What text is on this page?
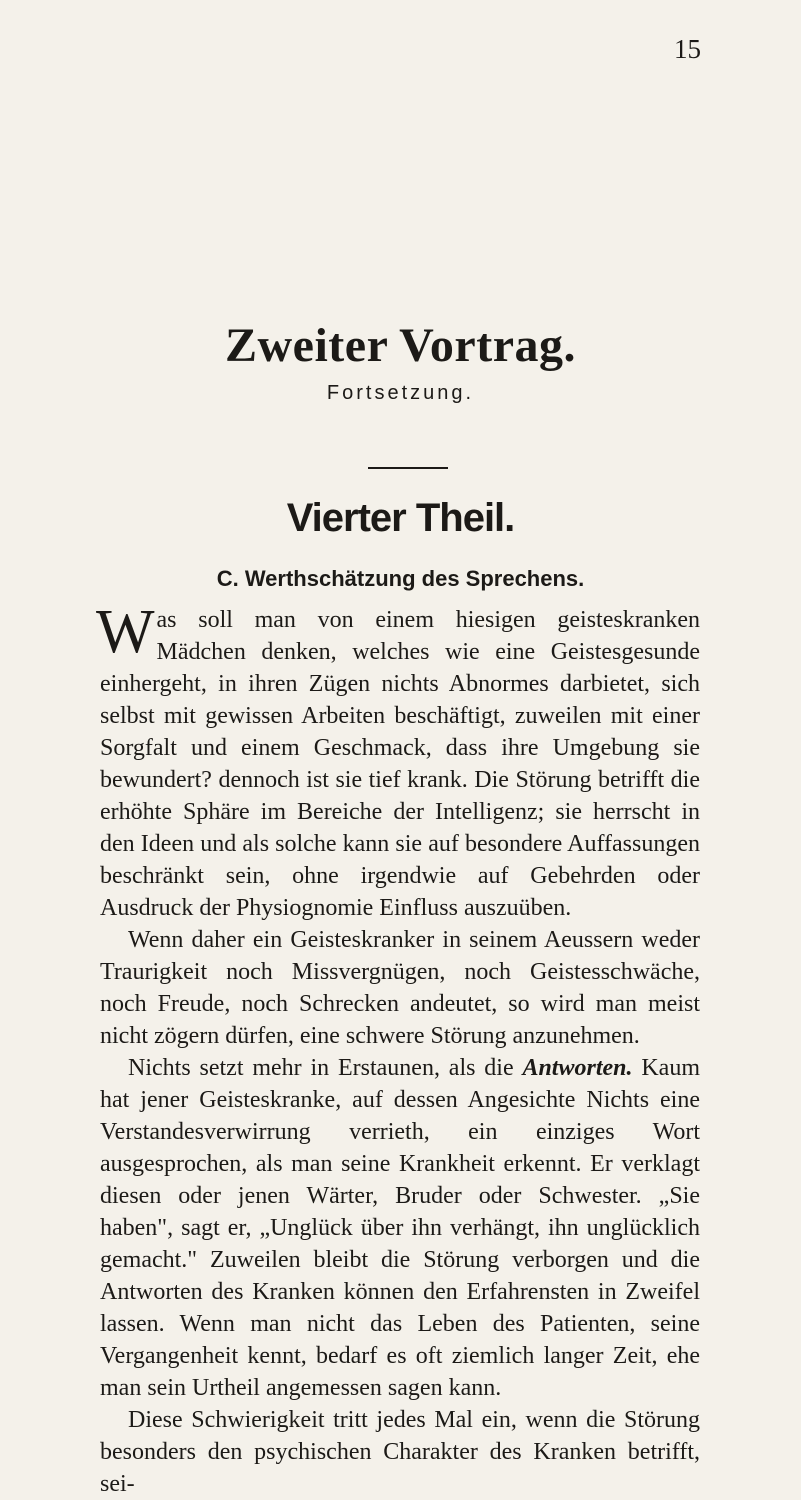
15
Zweiter Vortrag.
Fortsetzung.
Vierter Theil.
C. Werthschätzung des Sprechens.

Was soll man von einem hiesigen geisteskranken Mädchen denken, welches wie eine Geistesgesunde einhergeht, in ihren Zügen nichts Abnormes darbietet, sich selbst mit gewissen Arbeiten beschäftigt, zuweilen mit einer Sorgfalt und einem Geschmack, dass ihre Umgebung sie bewundert? dennoch ist sie tief krank. Die Störung betrifft die erhöhte Sphäre im Bereiche der Intelligenz; sie herrscht in den Ideen und als solche kann sie auf besondere Auffassungen beschränkt sein, ohne irgendwie auf Gebehrden oder Ausdruck der Physiognomie Einfluss auszuüben.

Wenn daher ein Geisteskranker in seinem Aeussern weder Traurigkeit noch Missvergnügen, noch Geistesschwäche, noch Freude, noch Schrecken andeutet, so wird man meist nicht zögern dürfen, eine schwere Störung anzunehmen.

Nichts setzt mehr in Erstaunen, als die Antworten. Kaum hat jener Geisteskranke, auf dessen Angesichte Nichts eine Verstandesverwirrung verrieth, ein einziges Wort ausgesprochen, als man seine Krankheit erkennt. Er verklagt diesen oder jenen Wärter, Bruder oder Schwester. „Sie haben", sagt er, „Unglück über ihn verhängt, ihn unglücklich gemacht." Zuweilen bleibt die Störung verborgen und die Antworten des Kranken können den Erfahrensten in Zweifel lassen. Wenn man nicht das Leben des Patienten, seine Vergangenheit kennt, bedarf es oft ziemlich langer Zeit, ehe man sein Urtheil angemessen sagen kann.

Diese Schwierigkeit tritt jedes Mal ein, wenn die Störung besonders den psychischen Charakter des Kranken betrifft, sei-
